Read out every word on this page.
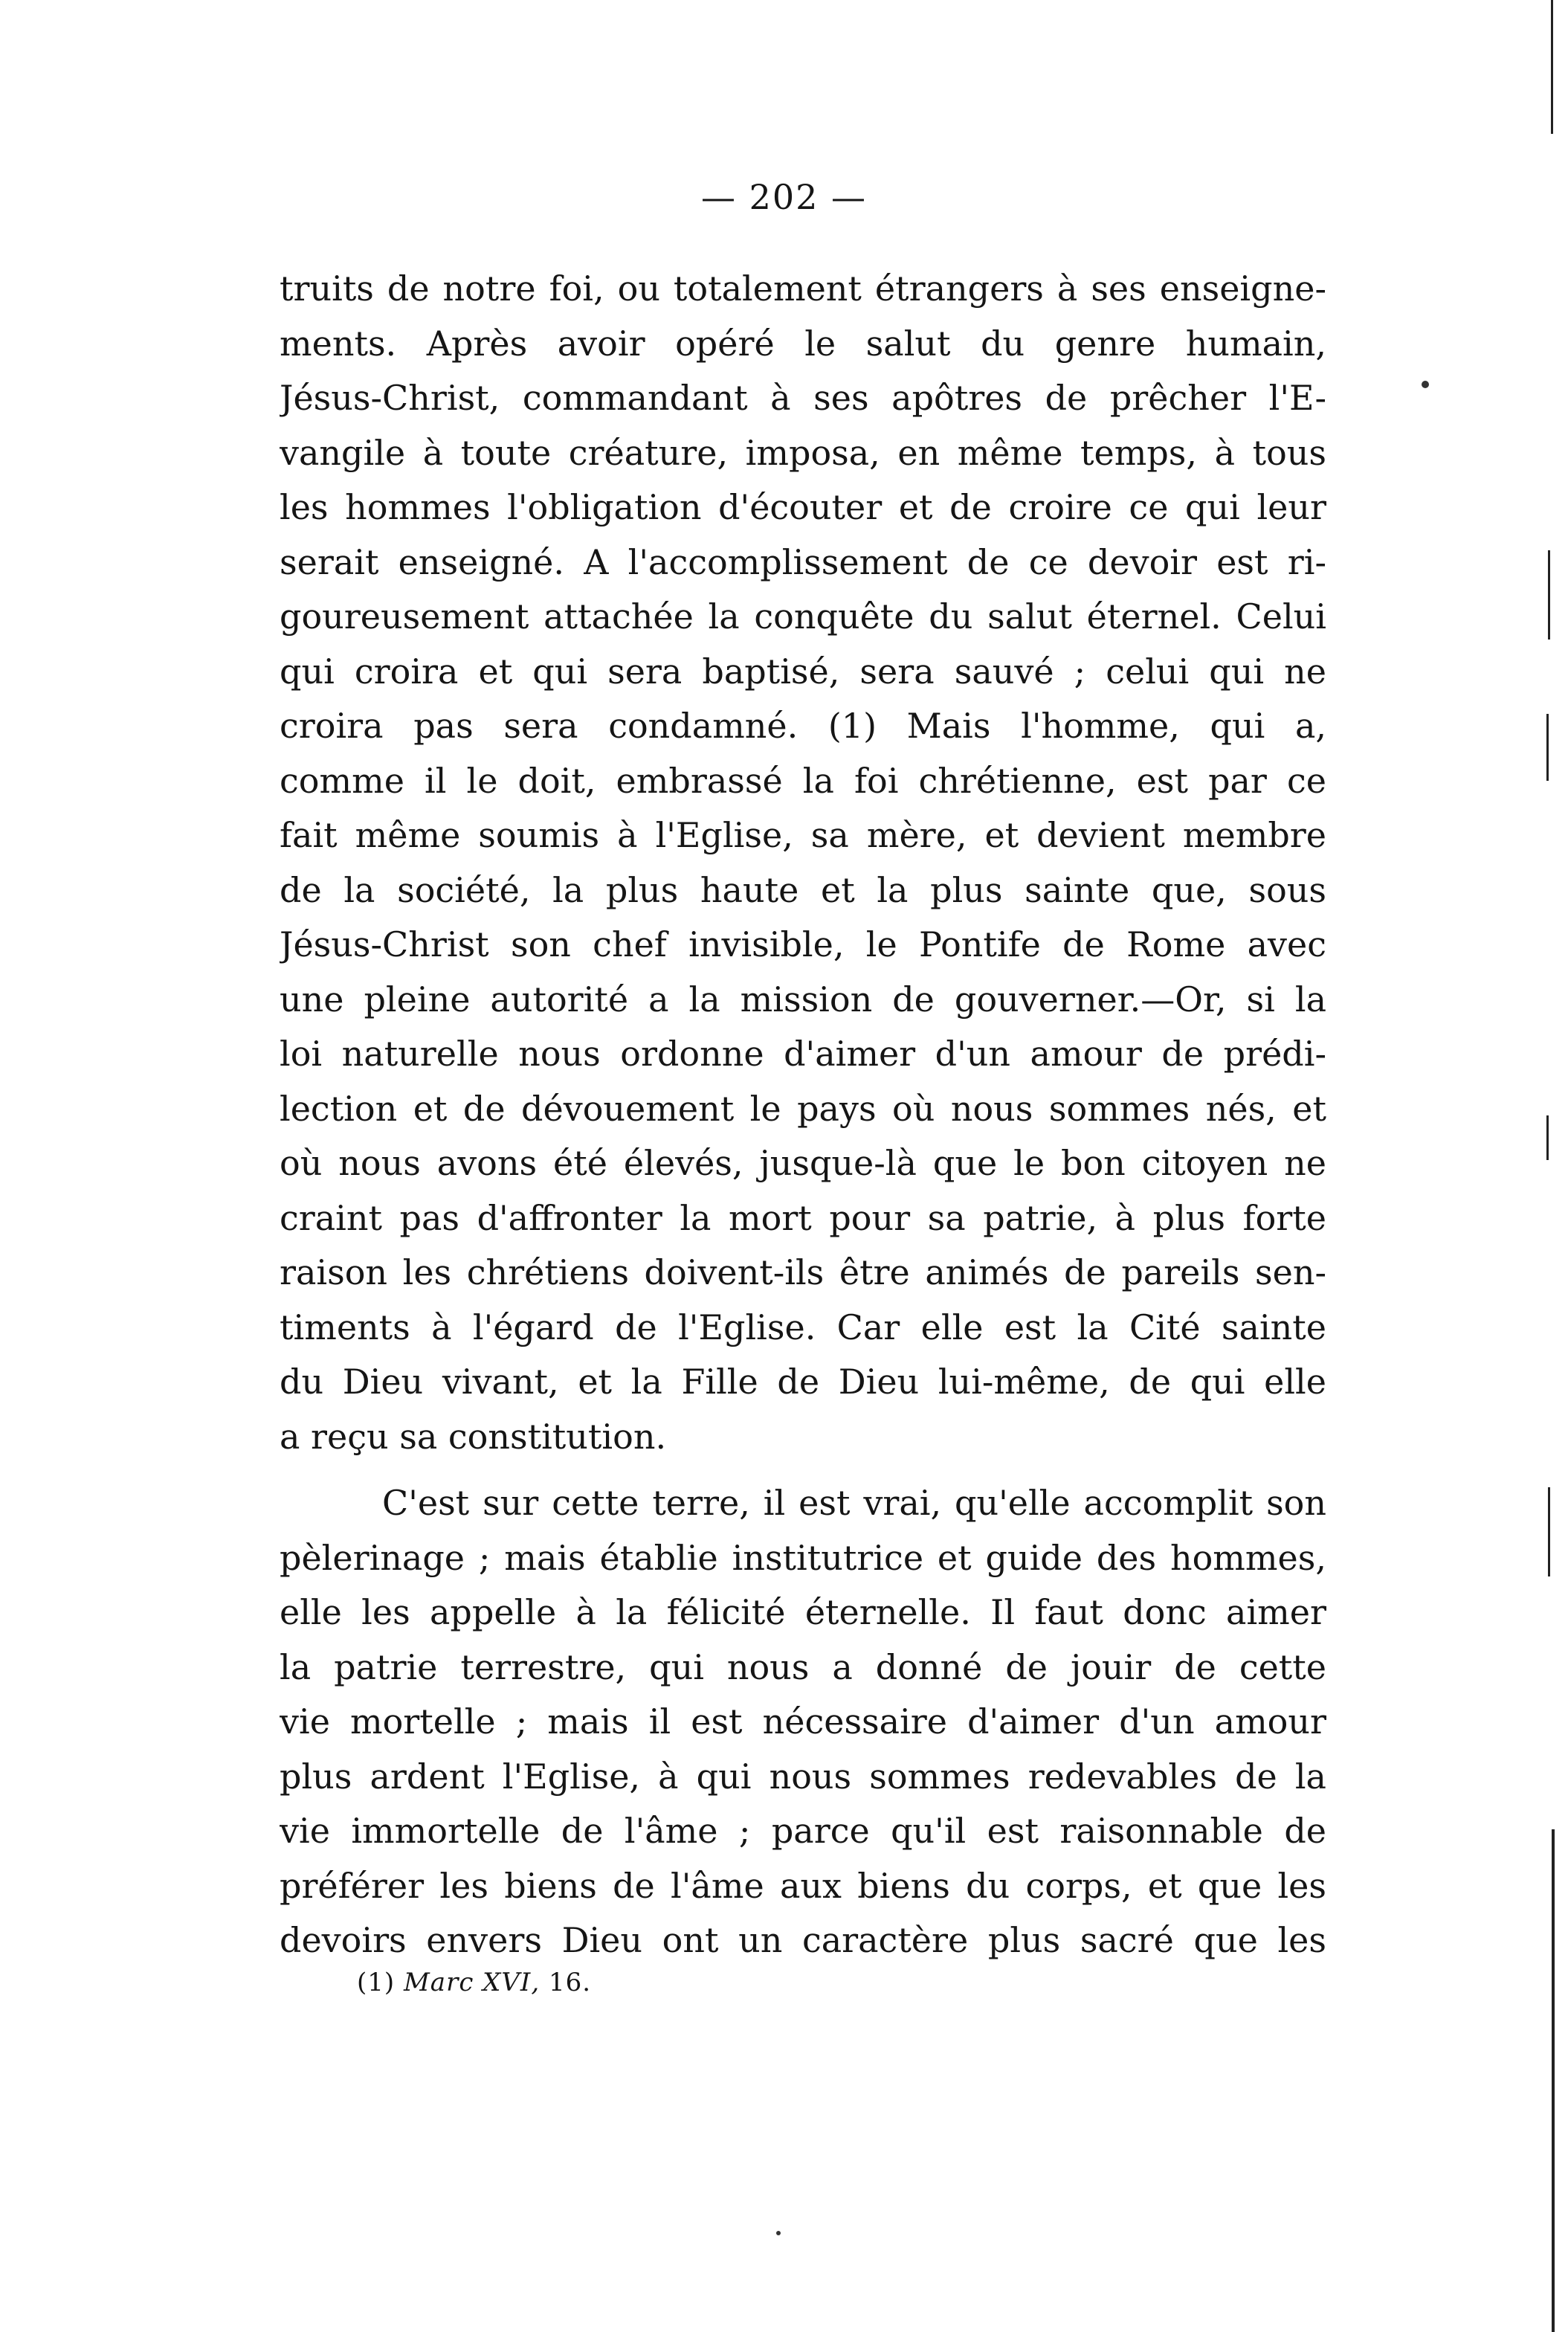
— 202 —
truits de notre foi, ou totalement étrangers à ses enseigne-
ments. Après avoir opéré le salut du genre humain,
Jésus-Christ, commandant à ses apôtres de prêcher l'E-
vangile à toute créature, imposa, en même temps, à tous
les hommes l'obligation d'écouter et de croire ce qui leur
serait enseigné. A l'accomplissement de ce devoir est ri-
goureusement attachée la conquête du salut éternel. Celui
qui croira et qui sera baptisé, sera sauvé ; celui qui ne
croira pas sera condamné. (1) Mais l'homme, qui a,
comme il le doit, embrassé la foi chrétienne, est par ce
fait même soumis à l'Eglise, sa mère, et devient membre
de la société, la plus haute et la plus sainte que, sous
Jésus-Christ son chef invisible, le Pontife de Rome avec
une pleine autorité a la mission de gouverner.—Or, si la
loi naturelle nous ordonne d'aimer d'un amour de prédi-
lection et de dévouement le pays où nous sommes nés, et
où nous avons été élevés, jusque-là que le bon citoyen ne
craint pas d'affronter la mort pour sa patrie, à plus forte
raison les chrétiens doivent-ils être animés de pareils sen-
timents à l'égard de l'Eglise. Car elle est la Cité sainte
du Dieu vivant, et la Fille de Dieu lui-même, de qui elle
a reçu sa constitution.
C'est sur cette terre, il est vrai, qu'elle accomplit son
pèlerinage ; mais établie institutrice et guide des hommes,
elle les appelle à la félicité éternelle. Il faut donc aimer
la patrie terrestre, qui nous a donné de jouir de cette
vie mortelle ; mais il est nécessaire d'aimer d'un amour
plus ardent l'Eglise, à qui nous sommes redevables de la
vie immortelle de l'âme ; parce qu'il est raisonnable de
préférer les biens de l'âme aux biens du corps, et que les
devoirs envers Dieu ont un caractère plus sacré que les
(1) Marc XVI, 16.
